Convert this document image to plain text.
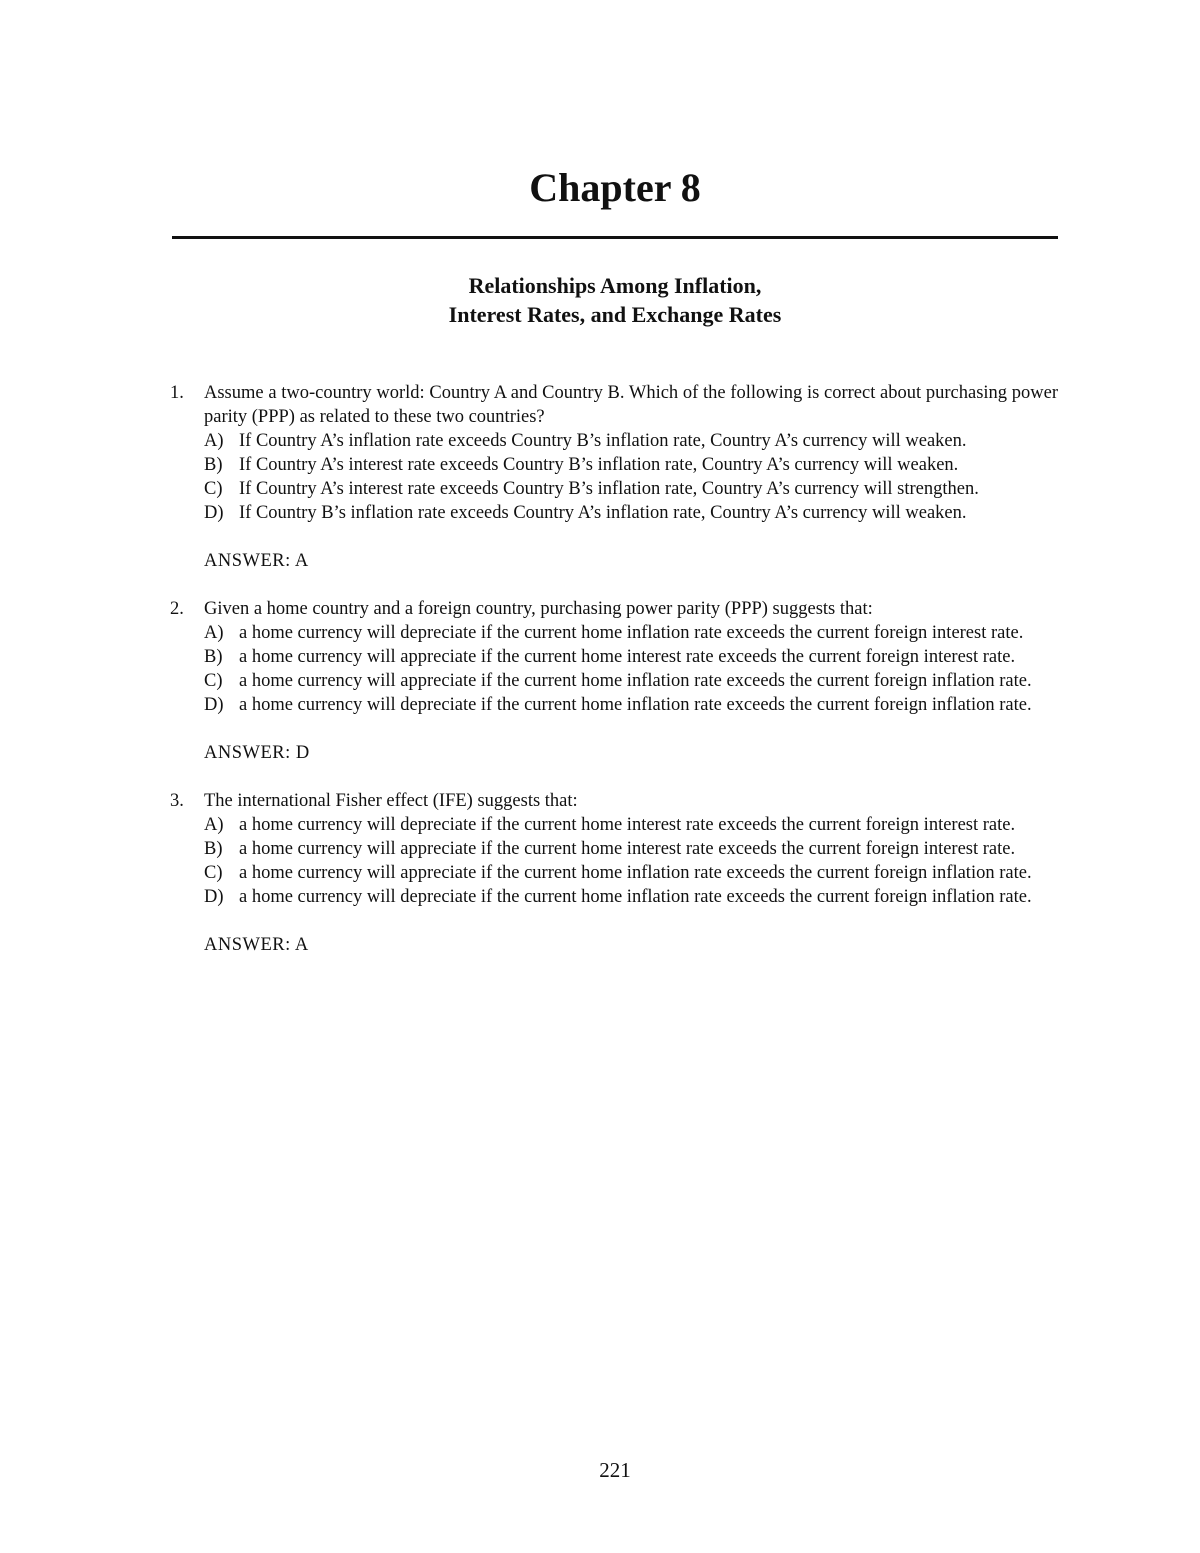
Chapter 8
Relationships Among Inflation,
Interest Rates, and Exchange Rates
1.	Assume a two-country world: Country A and Country B. Which of the following is correct about purchasing power parity (PPP) as related to these two countries?
A) If Country A’s inflation rate exceeds Country B’s inflation rate, Country A’s currency will weaken.
B) If Country A’s interest rate exceeds Country B’s inflation rate, Country A’s currency will weaken.
C) If Country A’s interest rate exceeds Country B’s inflation rate, Country A’s currency will strengthen.
D) If Country B’s inflation rate exceeds Country A’s inflation rate, Country A’s currency will weaken.
ANSWER: A
2.	Given a home country and a foreign country, purchasing power parity (PPP) suggests that:
A) a home currency will depreciate if the current home inflation rate exceeds the current foreign interest rate.
B) a home currency will appreciate if the current home interest rate exceeds the current foreign interest rate.
C) a home currency will appreciate if the current home inflation rate exceeds the current foreign inflation rate.
D) a home currency will depreciate if the current home inflation rate exceeds the current foreign inflation rate.
ANSWER: D
3.	The international Fisher effect (IFE) suggests that:
A) a home currency will depreciate if the current home interest rate exceeds the current foreign interest rate.
B) a home currency will appreciate if the current home interest rate exceeds the current foreign interest rate.
C) a home currency will appreciate if the current home inflation rate exceeds the current foreign inflation rate.
D) a home currency will depreciate if the current home inflation rate exceeds the current foreign inflation rate.
ANSWER: A
221
